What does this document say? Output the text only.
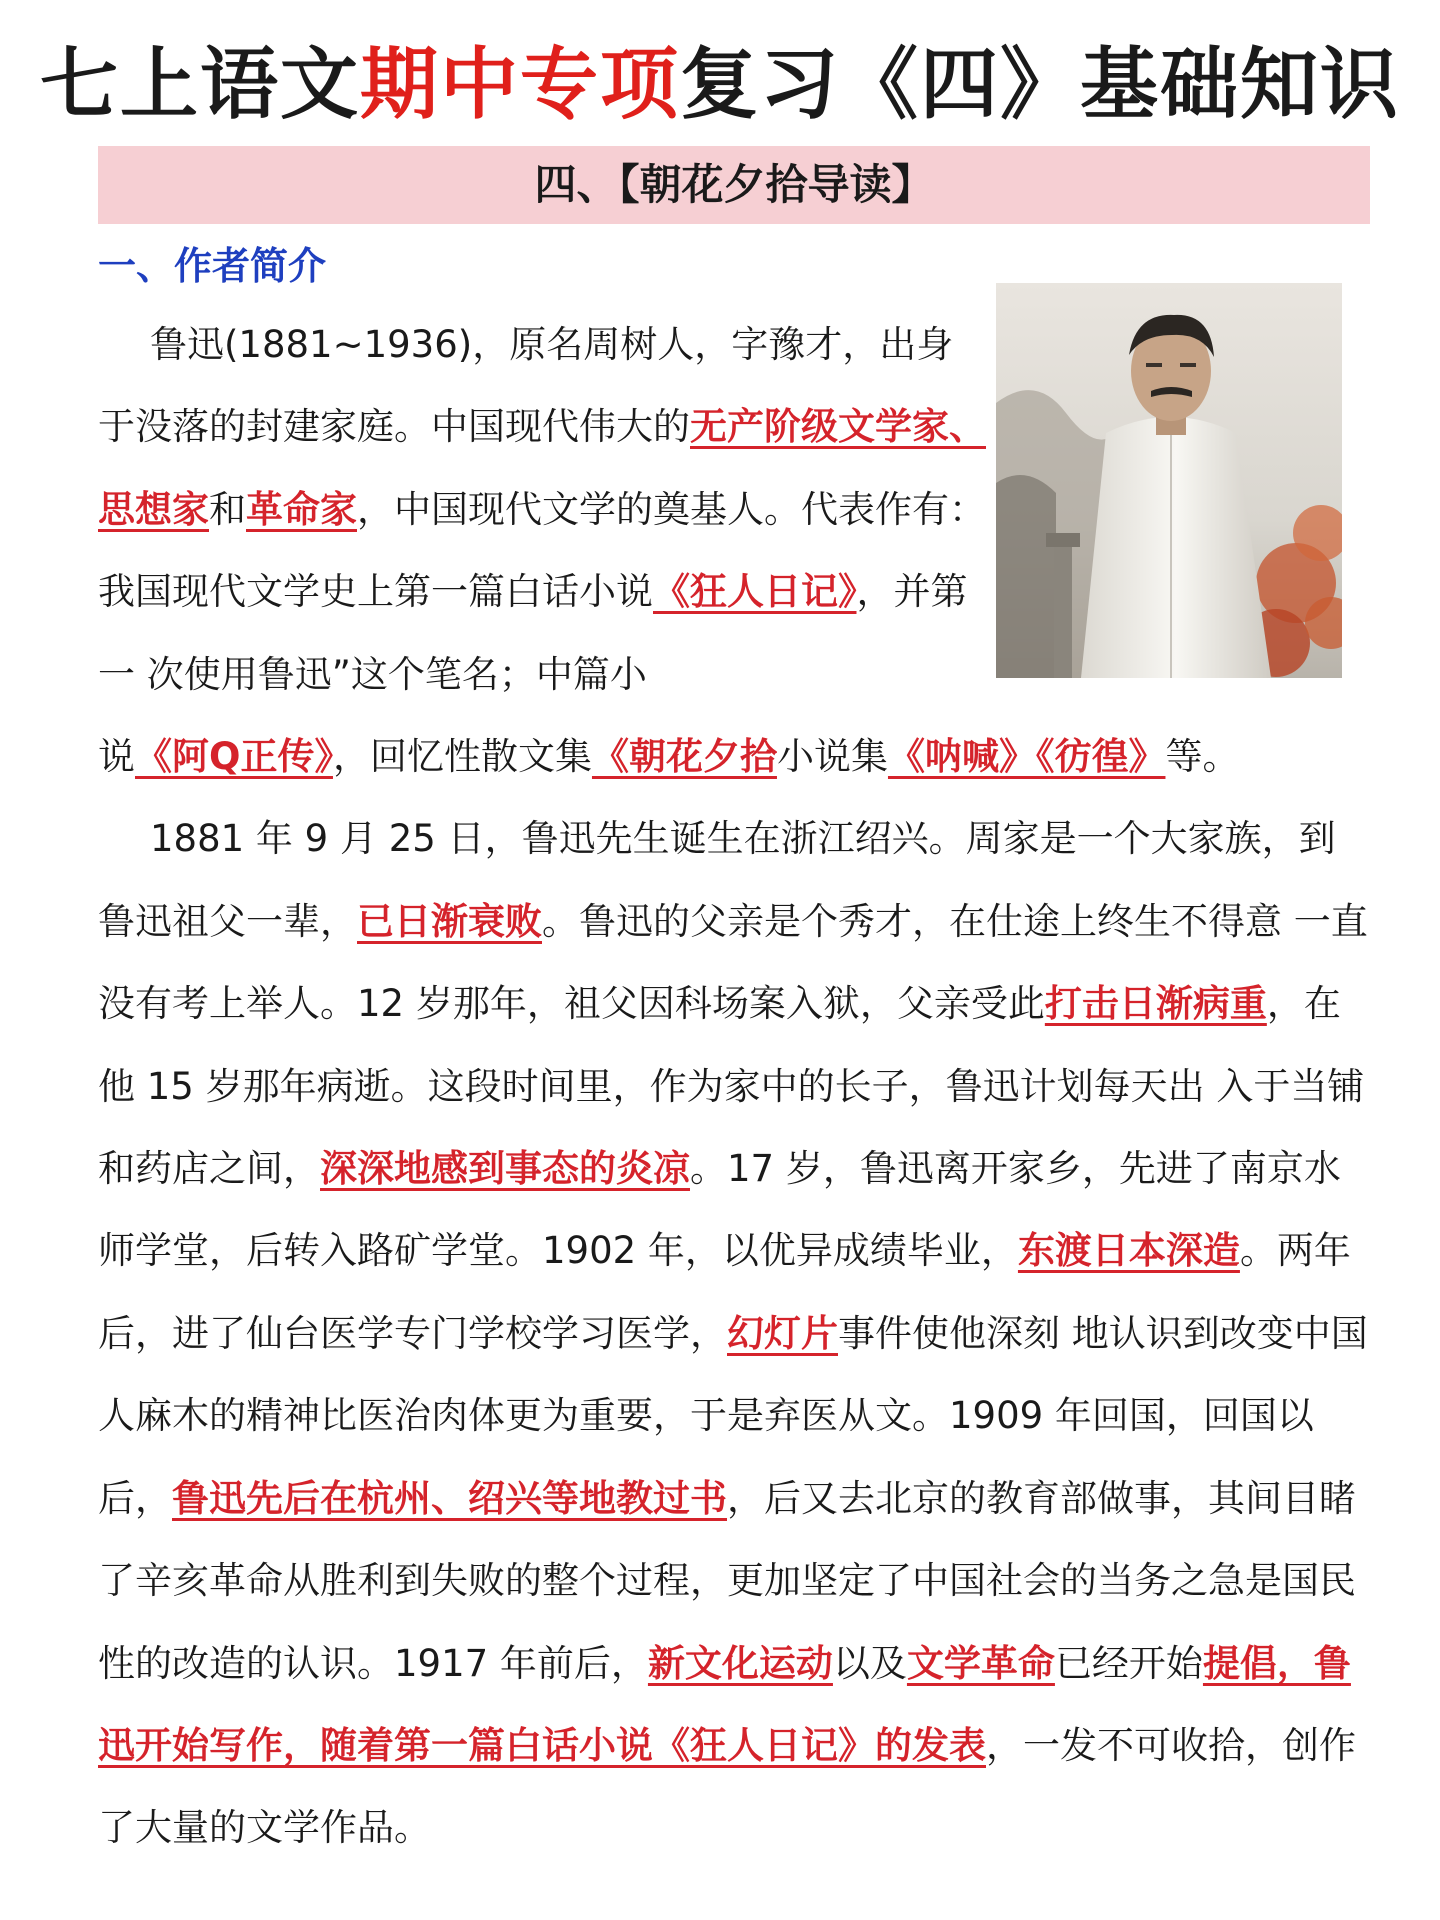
七上语文期中专项复习《四》基础知识
四、【朝花夕拾导读】
一、作者简介

鲁迅(1881~1936)，原名周树人，字豫才，出身于没落的封建家庭。中国现代伟大的无产阶级文学家、思想家和革命家，中国现代文学的奠基人。代表作有：我国现代文学史上第一篇白话小说《狂人日记》，并第一 次使用鲁迅”这个笔名；中篇小

说《阿Q正传》，回忆性散文集《朝花夕拾小说集《呐喊》《彷徨》等。

1881 年 9 月 25 日，鲁迅先生诞生在浙江绍兴。周家是一个大家族，到 鲁迅祖父一辈，已日渐衰败。鲁迅的父亲是个秀才，在仕途上终生不得意 一直没有考上举人。12 岁那年，祖父因科场案入狱，父亲受此打击日渐病重，在他 15 岁那年病逝。这段时间里，作为家中的长子，鲁迅计划每天出 入于当铺和药店之间，深深地感到事态的炎凉。17 岁，鲁迅离开家乡，先进了南京水师学堂，后转入路矿学堂。1902 年，以优异成绩毕业，东渡日本深造。两年后，进了仙台医学专门学校学习医学，幻灯片事件使他深刻 地认识到改变中国人麻木的精神比医治肉体更为重要，于是弃医从文。1909 年回国，回国以后，鲁迅先后在杭州、绍兴等地教过书，后又去北京的教育部做事，其间目睹了辛亥革命从胜利到失败的整个过程，更加坚定了中国社会的当务之急是国民性的改造的认识。1917 年前后，新文化运动以及文学革命已经开始提倡，鲁迅开始写作，随着第一篇白话小说《狂人日记》的发表，一发不可收拾，创作了大量的文学作品。
